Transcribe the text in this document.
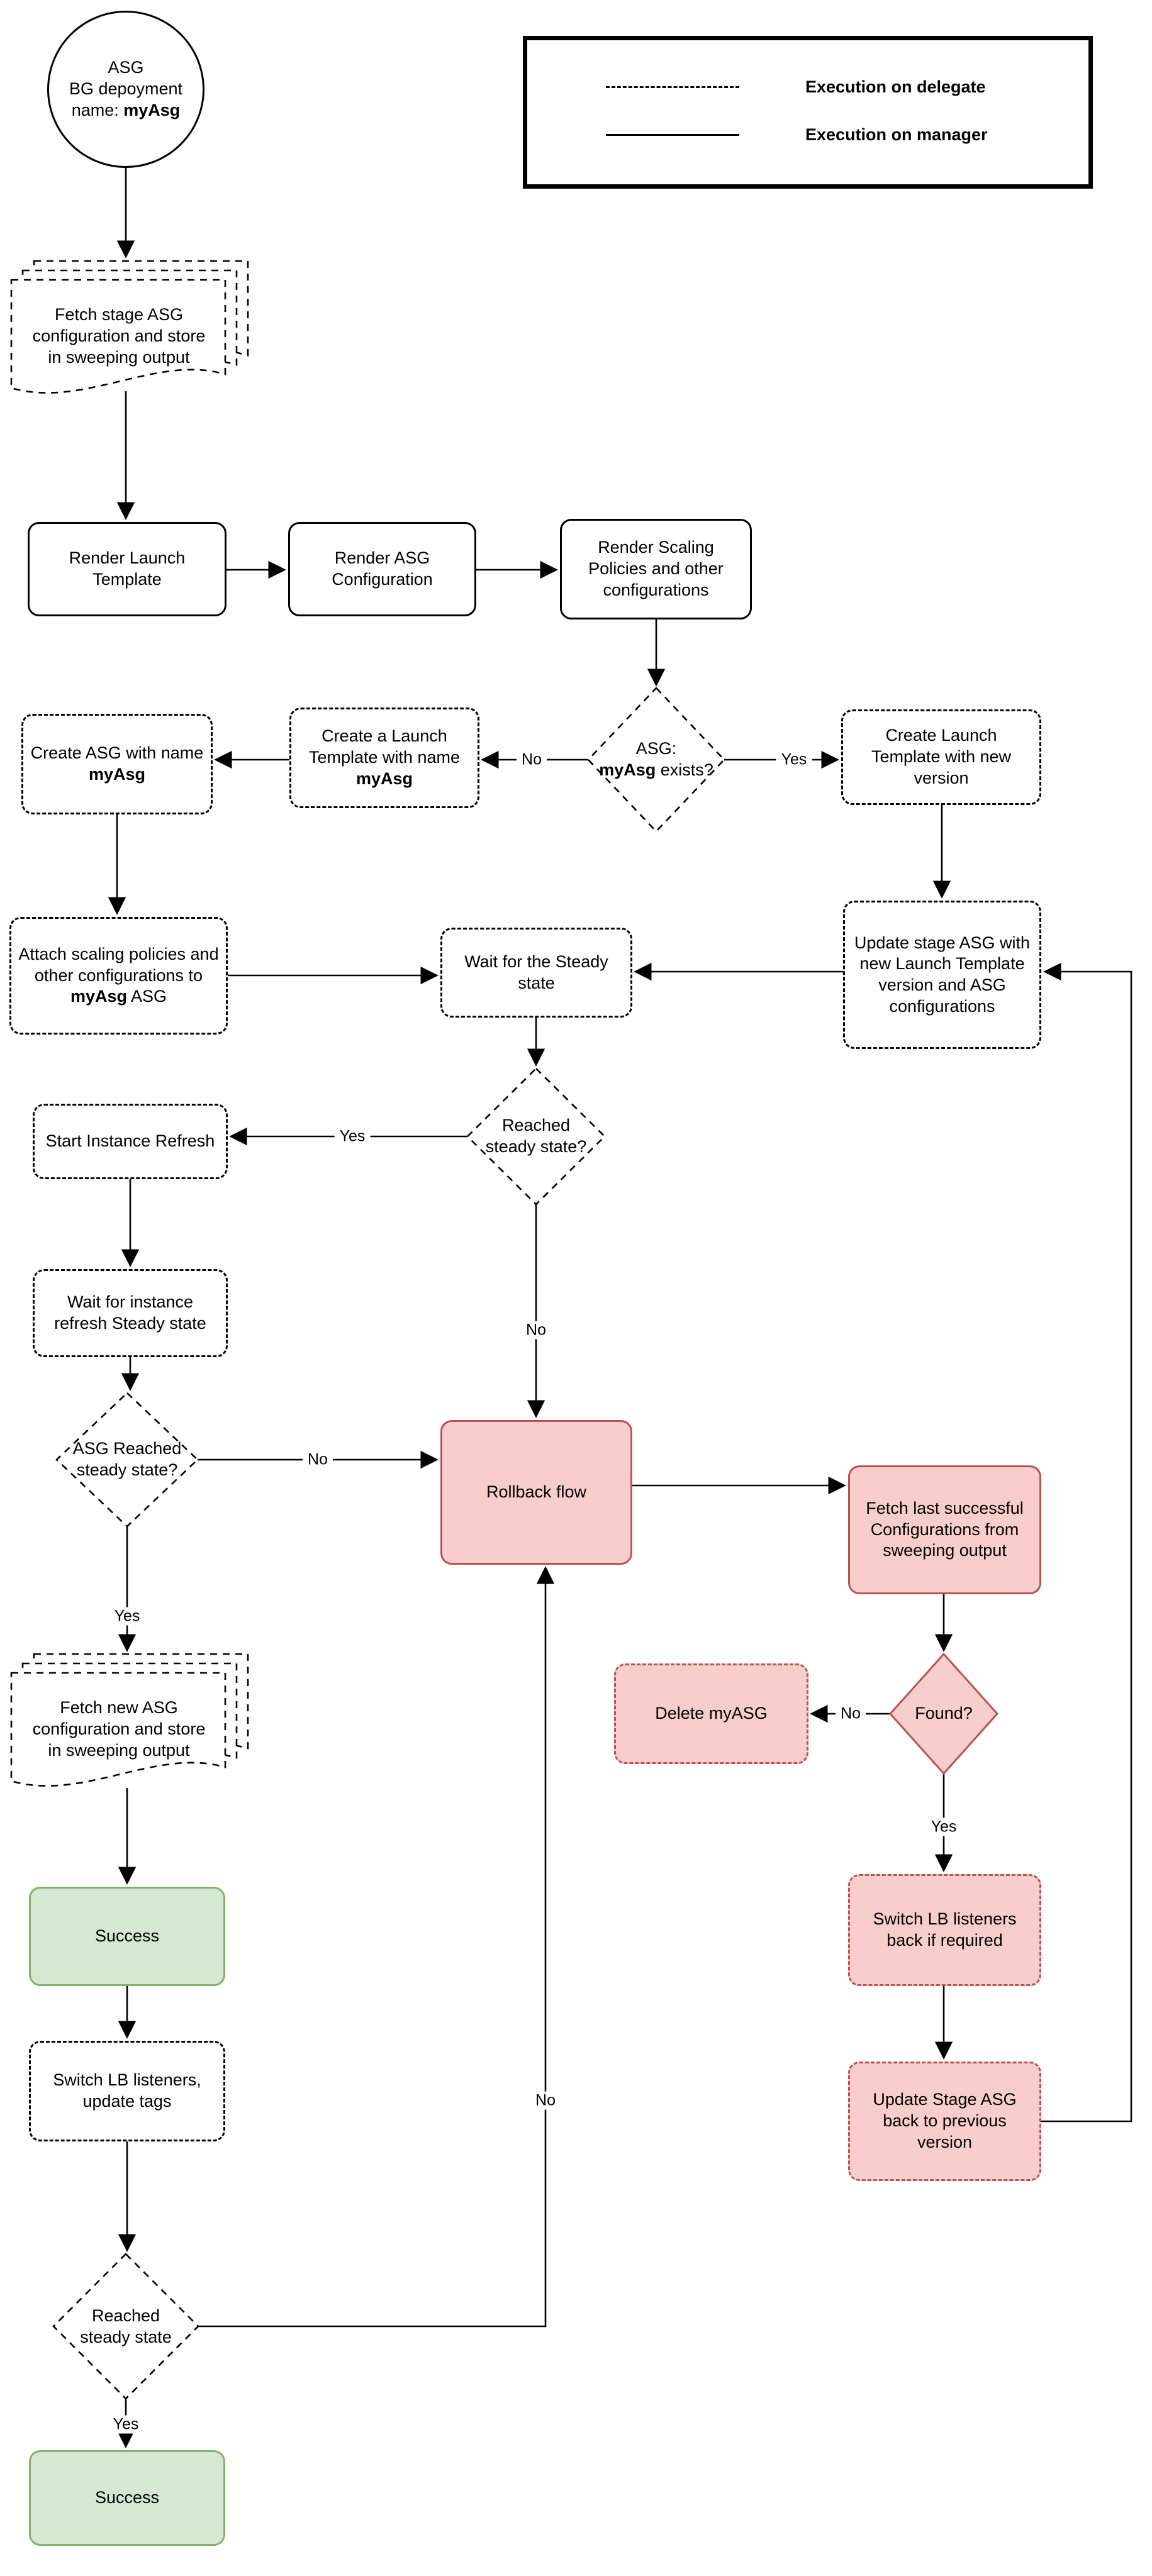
Execution on delegate
Execution on manager
ASG
BG depoyment
name: myAsg
Fetch stage ASG configuration and store in sweeping output
Fetch new ASG configuration and store in sweeping output
Render Launch Template
Render ASG Configuration
Render Scaling Policies and other configurations
Create Launch Template with new version
Create a Launch Template with name myAsg
Create ASG with name myAsg
Attach scaling policies and other configurations to myAsg ASG
Wait for the Steady state
Update stage ASG with new Launch Template version and ASG configurations
Start Instance Refresh
Wait for instance refresh Steady state
Switch LB listeners, update tags
ASG:
myAsg exists?
Reached steady state?
ASG Reached steady state?
Found?
Reached steady state
Rollback flow
Fetch last successful Configurations from sweeping output
Delete myASG
Switch LB listeners back if required
Update Stage ASG back to previous version
Success
Success
No	Yes
Yes
No
No
Yes
No
Yes
No
Yes
